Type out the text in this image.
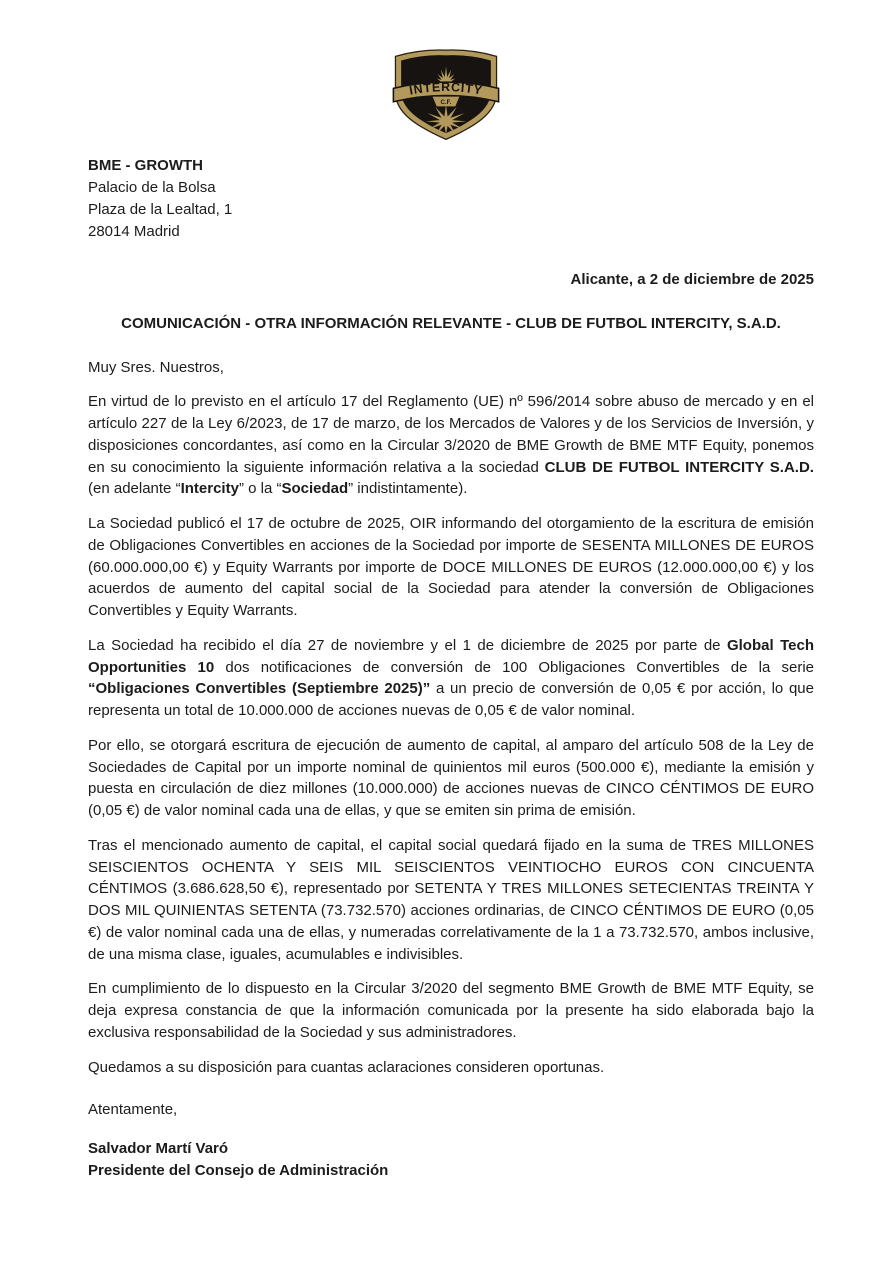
INTERCITY
C.F.
BME - GROWTH
Palacio de la Bolsa
Plaza de la Lealtad, 1
28014 Madrid
Alicante, a 2 de diciembre de 2025
COMUNICACIÓN - OTRA INFORMACIÓN RELEVANTE - CLUB DE FUTBOL INTERCITY, S.A.D.

Muy Sres. Nuestros,

En virtud de lo previsto en el artículo 17 del Reglamento (UE) nº 596/2014 sobre abuso de mercado y en el artículo 227 de la Ley 6/2023, de 17 de marzo, de los Mercados de Valores y de los Servicios de Inversión, y disposiciones concordantes, así como en la Circular 3/2020 de BME Growth de BME MTF Equity, ponemos en su conocimiento la siguiente información relativa a la sociedad CLUB DE FUTBOL INTERCITY S.A.D. (en adelante “Intercity” o la “Sociedad” indistintamente).

La Sociedad publicó el 17 de octubre de 2025, OIR informando del otorgamiento de la escritura de emisión de Obligaciones Convertibles en acciones de la Sociedad por importe de SESENTA MILLONES DE EUROS (60.000.000,00 €) y Equity Warrants por importe de DOCE MILLONES DE EUROS (12.000.000,00 €) y los acuerdos de aumento del capital social de la Sociedad para atender la conversión de Obligaciones Convertibles y Equity Warrants.

La Sociedad ha recibido el día 27 de noviembre y el 1 de diciembre de 2025 por parte de Global Tech Opportunities 10 dos notificaciones de conversión de 100 Obligaciones Convertibles de la serie “Obligaciones Convertibles (Septiembre 2025)” a un precio de conversión de 0,05 € por acción, lo que representa un total de 10.000.000 de acciones nuevas de 0,05 € de valor nominal.

Por ello, se otorgará escritura de ejecución de aumento de capital, al amparo del artículo 508 de la Ley de Sociedades de Capital por un importe nominal de quinientos mil euros (500.000 €), mediante la emisión y puesta en circulación de diez millones (10.000.000) de acciones nuevas de CINCO CÉNTIMOS DE EURO (0,05 €) de valor nominal cada una de ellas, y que se emiten sin prima de emisión.

Tras el mencionado aumento de capital, el capital social quedará fijado en la suma de TRES MILLONES SEISCIENTOS OCHENTA Y SEIS MIL SEISCIENTOS VEINTIOCHO EUROS CON CINCUENTA CÉNTIMOS (3.686.628,50 €), representado por SETENTA Y TRES MILLONES SETECIENTAS TREINTA Y DOS MIL QUINIENTAS SETENTA (73.732.570) acciones ordinarias, de CINCO CÉNTIMOS DE EURO (0,05 €) de valor nominal cada una de ellas, y numeradas correlativamente de la 1 a 73.732.570, ambos inclusive, de una misma clase, iguales, acumulables e indivisibles.

En cumplimiento de lo dispuesto en la Circular 3/2020 del segmento BME Growth de BME MTF Equity, se deja expresa constancia de que la información comunicada por la presente ha sido elaborada bajo la exclusiva responsabilidad de la Sociedad y sus administradores.

Quedamos a su disposición para cuantas aclaraciones consideren oportunas.

Atentamente,

Salvador Martí Varó

Presidente del Consejo de Administración
